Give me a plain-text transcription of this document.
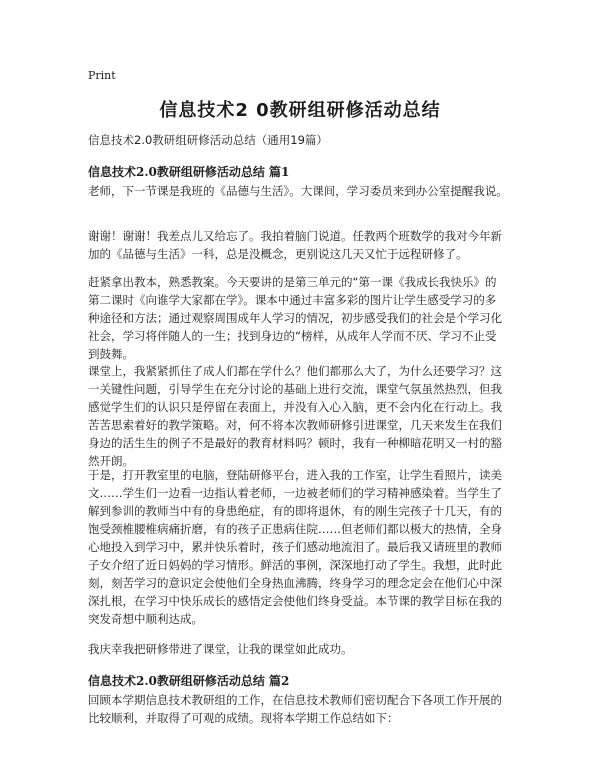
Print
信息技术2 0教研组研修活动总结
信息技术2.0教研组研修活动总结（通用19篇）
信息技术2.0教研组研修活动总结 篇1
老师，下一节课是我班的《品德与生活》。大课间，学习委员来到办公室提醒我说。
谢谢！谢谢！我差点儿又给忘了。我拍着脑门说道。任教两个班数学的我对今年新
加的《品德与生活》一科，总是没概念，更别说这几天又忙于远程研修了。
赶紧拿出教本，熟悉教案。今天要讲的是第三单元的“第一课《我成长我快乐》的
第二课时《向谁学大家都在学》。课本中通过丰富多彩的图片让学生感受学习的多
种途径和方法；通过观察周围成年人学习的情况，初步感受我们的社会是个学习化
社会，学习将伴随人的一生；找到身边的“榜样，从成年人学而不厌、学习不止受
到鼓舞。
课堂上，我紧紧抓住了成人们都在学什么？他们都那么大了，为什么还要学习？这
一关键性问题，引导学生在充分讨论的基础上进行交流，课堂气氛虽然热烈，但我
感觉学生们的认识只是停留在表面上，并没有入心入脑，更不会内化在行动上。我
苦苦思索着好的教学策略。对，何不将本次教师研修引进课堂，几天来发生在我们
身边的活生生的例子不是最好的教育材料吗？顿时，我有一种柳暗花明又一村的豁
然开朗。
于是，打开教室里的电脑，登陆研修平台，进入我的工作室，让学生看照片，读美
文……学生们一边看一边指认着老师，一边被老师们的学习精神感染着。当学生了
解到参训的教师当中有的身患绝症，有的即将退休，有的刚生完孩子十几天，有的
饱受颈椎腰椎病痛折磨，有的孩子正患病住院……但老师们都以极大的热情，全身
心地投入到学习中，累并快乐着时，孩子们感动地流泪了。最后我又请班里的教师
子女介绍了近日妈妈的学习情形。鲜活的事例，深深地打动了学生。我想，此时此
刻，刻苦学习的意识定会使他们全身热血沸腾，终身学习的理念定会在他们心中深
深扎根，在学习中快乐成长的感悟定会使他们终身受益。本节课的教学目标在我的
突发奇想中顺利达成。
我庆幸我把研修带进了课堂，让我的课堂如此成功。
信息技术2.0教研组研修活动总结 篇2
回顾本学期信息技术教研组的工作，在信息技术教师们密切配合下各项工作开展的
比较顺利，并取得了可观的成绩。现将本学期工作总结如下：
